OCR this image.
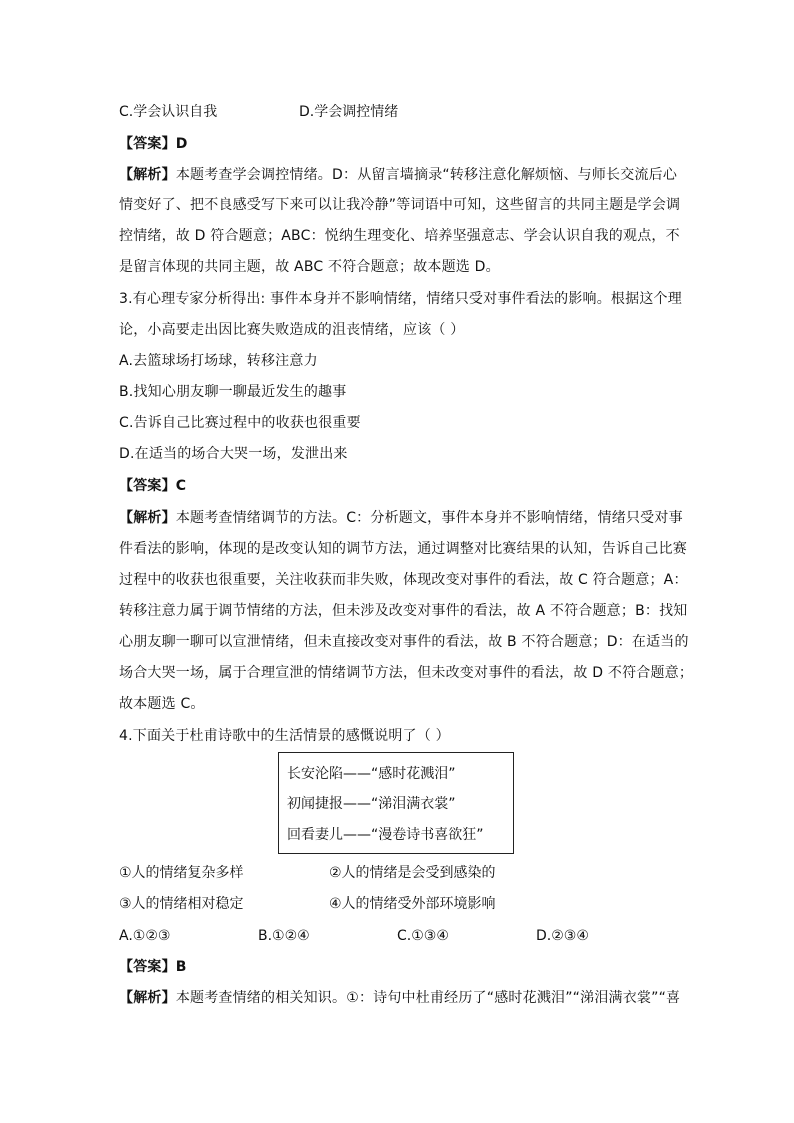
C.学会认识自我	D.学会调控情绪
【答案】D
【解析】本题考查学会调控情绪。D：从留言墙摘录“转移注意化解烦恼、与师长交流后心
情变好了、把不良感受写下来可以让我冷静”等词语中可知，这些留言的共同主题是学会调
控情绪，故 D 符合题意；ABC：悦纳生理变化、培养坚强意志、学会认识自我的观点，不
是留言体现的共同主题，故 ABC 不符合题意；故本题选 D。
3.有心理专家分析得出: 事件本身并不影响情绪，情绪只受对事件看法的影响。根据这个理
论，小高要走出因比赛失败造成的沮丧情绪，应该（ ）
A.去篮球场打场球，转移注意力
B.找知心朋友聊一聊最近发生的趣事
C.告诉自己比赛过程中的收获也很重要
D.在适当的场合大哭一场，发泄出来
【答案】C
【解析】本题考查情绪调节的方法。C：分析题文，事件本身并不影响情绪，情绪只受对事
件看法的影响，体现的是改变认知的调节方法，通过调整对比赛结果的认知，告诉自己比赛
过程中的收获也很重要，关注收获而非失败，体现改变对事件的看法，故 C 符合题意；A：
转移注意力属于调节情绪的方法，但未涉及改变对事件的看法，故 A 不符合题意；B：找知
心朋友聊一聊可以宣泄情绪，但未直接改变对事件的看法，故 B 不符合题意；D：在适当的
场合大哭一场，属于合理宣泄的情绪调节方法，但未改变对事件的看法，故 D 不符合题意；
故本题选 C。
4.下面关于杜甫诗歌中的生活情景的感慨说明了（ ）
长安沦陷——“感时花溅泪”
初闻捷报——“涕泪满衣裳”
回看妻儿——“漫卷诗书喜欲狂”
①人的情绪复杂多样	②人的情绪是会受到感染的
③人的情绪相对稳定	④人的情绪受外部环境影响
A.①②③	B.①②④	C.①③④	D.②③④
【答案】B
【解析】本题考查情绪的相关知识。①：诗句中杜甫经历了“感时花溅泪”“涕泪满衣裳”“喜
